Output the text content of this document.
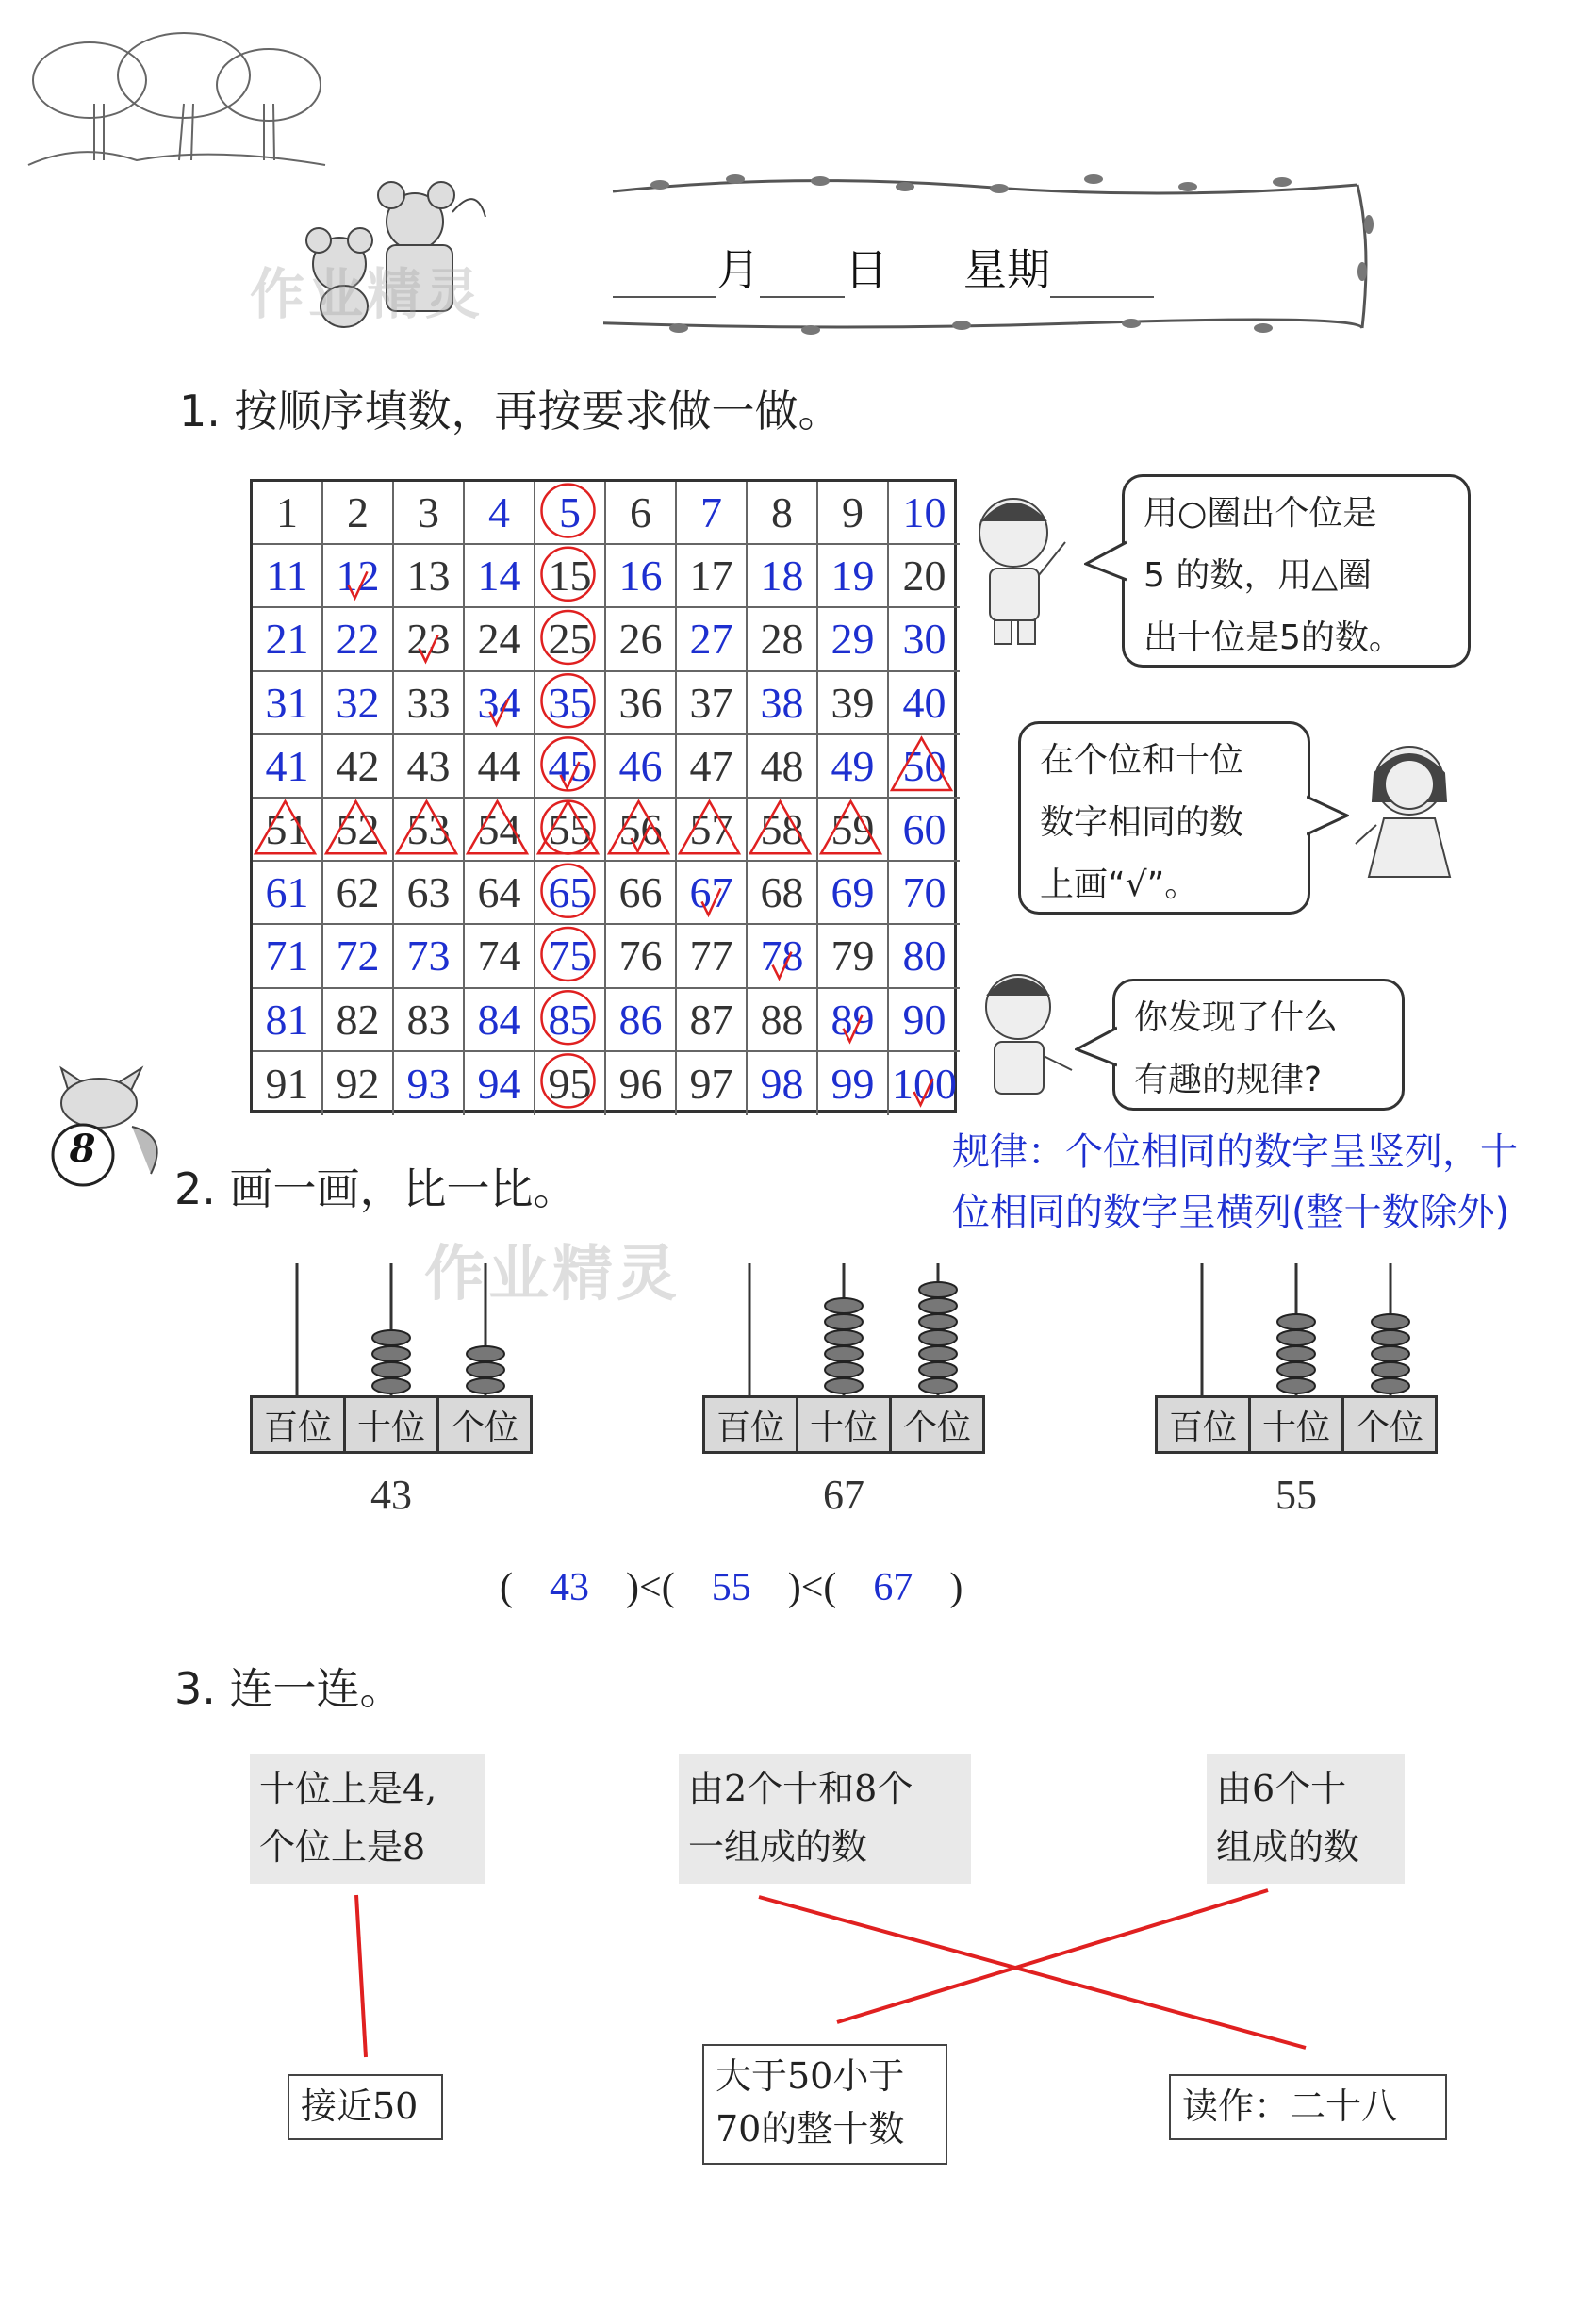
作业精灵	月 日 星期
1. 按顺序填数，再按要求做一做。
1	2	3	4	5	6	7	8	9 10
11 12 13 14 15 16 17 18 19 20
21 22 23 24 25 26 27 28 29 30
31 32 33 34 35 36 37 38 39 40
41 42 43 44 45 46 47 48 49 50
51 52 53 54 55 56 57 58 59 60
61 62 63 64 65 66 67 68 69 70
71 72 73 74 75 76 77 78 79 80
81 82 83 84 85 86 87 88 89 90
91 92 93 94 95 96 97 98 99 100
用○圈出个位是
5 的数，用△圈
出十位是5的数。
在个位和十位
数字相同的数
上画“√”。
你发现了什么
有趣的规律?
规律：个位相同的数字呈竖列，十
位相同的数字呈横列(整十数除外)
8
2. 画一画，比一比。
作业精灵
百位 十位 个位
43
百位 十位 个位
67
百位 十位 个位
55
( 43 )<( 55 )<( 67 )
3. 连一连。
十位上是4,
个位上是8
由2个十和8个
一组成的数
由6个十
组成的数
接近50
大于50小于
70的整十数
读作：二十八
